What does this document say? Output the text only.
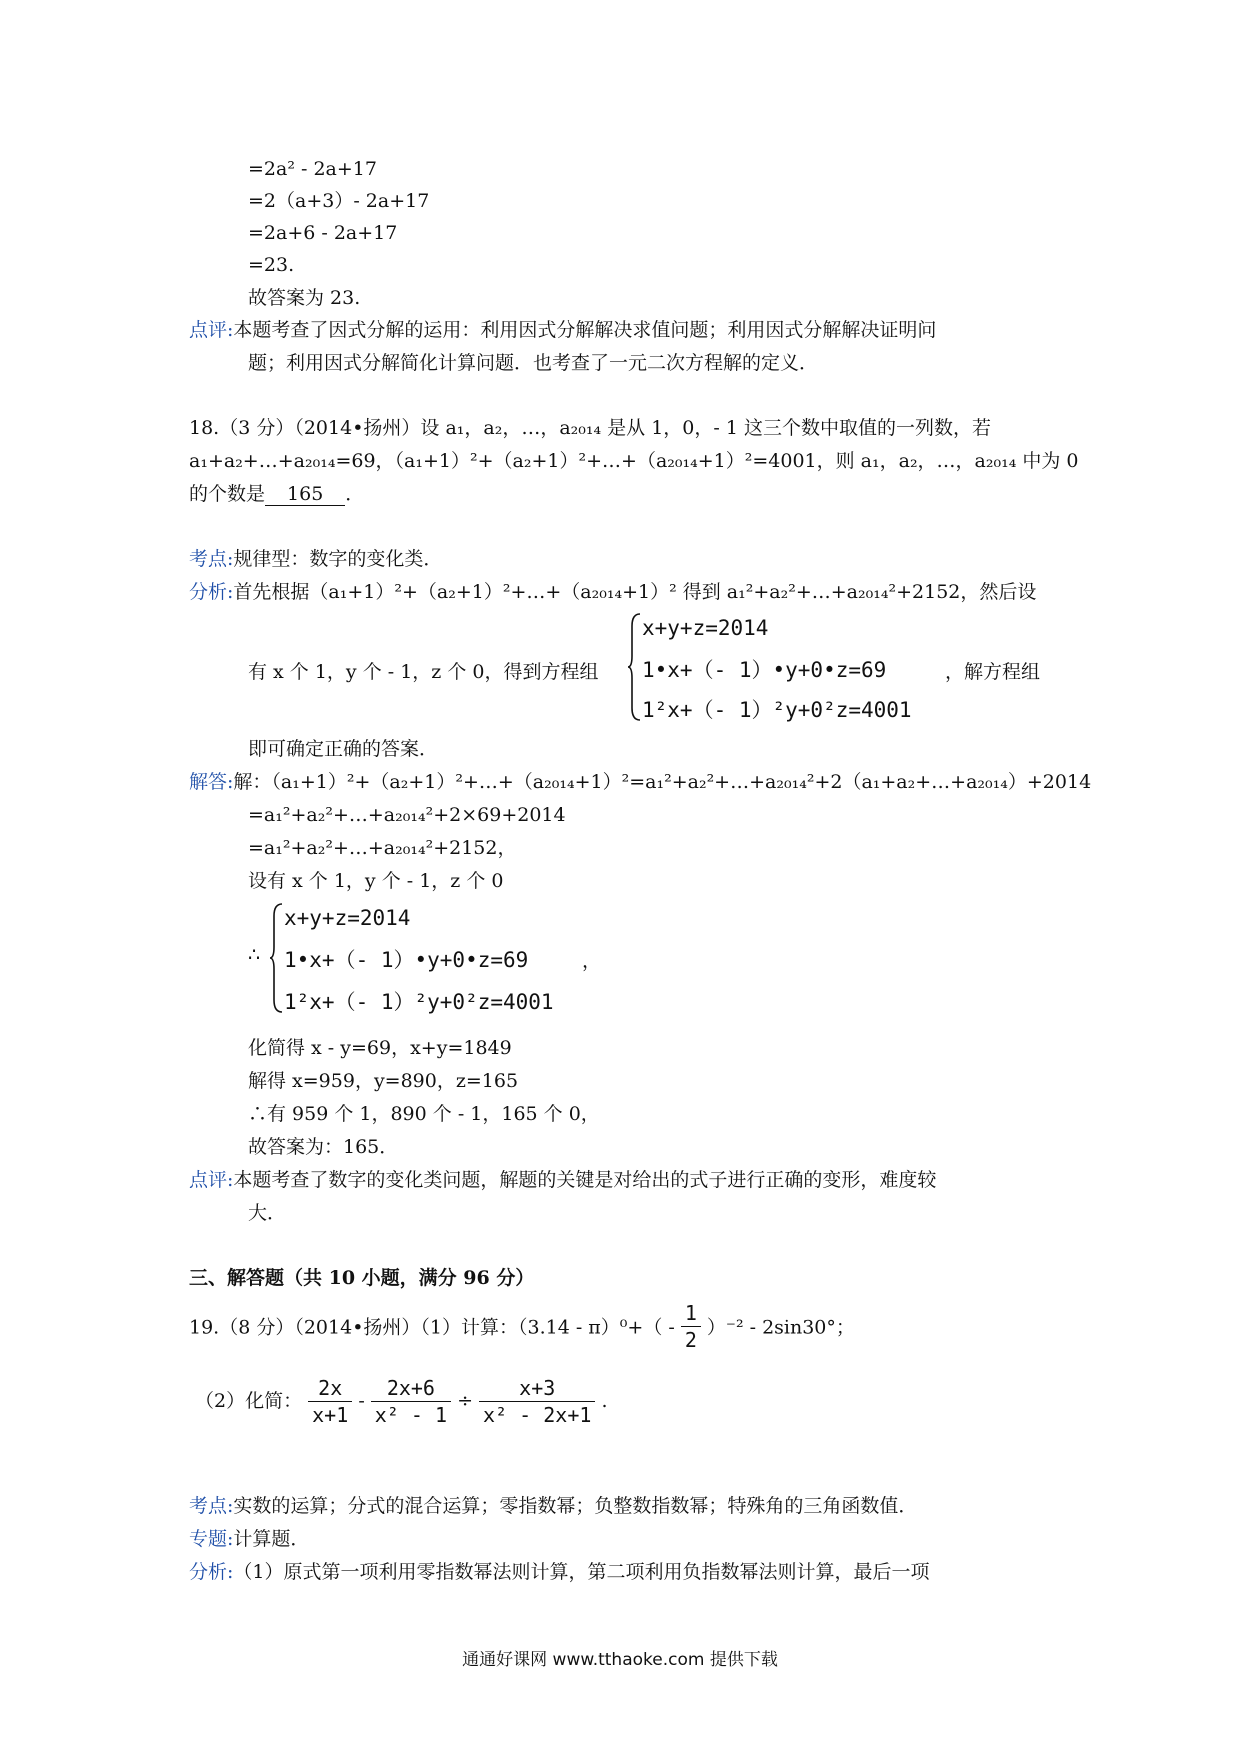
=2a² - 2a+17
=2（a+3）- 2a+17
=2a+6 - 2a+17
=23.
故答案为 23.
点评:本题考查了因式分解的运用：利用因式分解解决求值问题；利用因式分解解决证明问
题；利用因式分解简化计算问题．也考查了一元二次方程解的定义．
18.（3 分）（2014•扬州）设 a₁，a₂，…，a₂₀₁₄ 是从 1，0，- 1 这三个数中取值的一列数，若
a₁+a₂+…+a₂₀₁₄=69，（a₁+1）²+（a₂+1）²+…+（a₂₀₁₄+1）²=4001，则 a₁，a₂，…，a₂₀₁₄ 中为 0
的个数是 165 ．
考点:规律型：数字的变化类．
分析:首先根据（a₁+1）²+（a₂+1）²+…+（a₂₀₁₄+1）² 得到 a₁²+a₂²+…+a₂₀₁₄²+2152，然后设
有 x 个 1，y 个 - 1，z 个 0，得到方程组
x+y+z=2014
1•x+（- 1）•y+0•z=69
1²x+（- 1）²y+0²z=4001
，解方程组
即可确定正确的答案．
解答:解：（a₁+1）²+（a₂+1）²+…+（a₂₀₁₄+1）²=a₁²+a₂²+…+a₂₀₁₄²+2（a₁+a₂+…+a₂₀₁₄）+2014
=a₁²+a₂²+…+a₂₀₁₄²+2×69+2014
=a₁²+a₂²+…+a₂₀₁₄²+2152，
设有 x 个 1，y 个 - 1，z 个 0
∴
x+y+z=2014
1•x+（- 1）•y+0•z=69
1²x+（- 1）²y+0²z=4001
，
化简得 x - y=69，x+y=1849
解得 x=959，y=890，z=165
∴有 959 个 1，890 个 - 1，165 个 0，
故答案为：165．
点评:本题考查了数字的变化类问题，解题的关键是对给出的式子进行正确的变形，难度较
大．
三、解答题（共 10 小题，满分 96 分）
19.（8 分）（2014•扬州）（1）计算：$(3.14 - \pi)^0+( - \frac{1}{2} )^{-2} - 2\sin 30^\circ$；
（2）化简： $\frac{2x}{x+1} - \frac{2x+6}{\text{x² - 1}} \div \frac{x+3}{\text{x² - 2x+1}}$ .
考点:实数的运算；分式的混合运算；零指数幂；负整数指数幂；特殊角的三角函数值．
专题:计算题．
分析:（1）原式第一项利用零指数幂法则计算，第二项利用负指数幂法则计算，最后一项
通通好课网 www.tthaoke.com 提供下载
